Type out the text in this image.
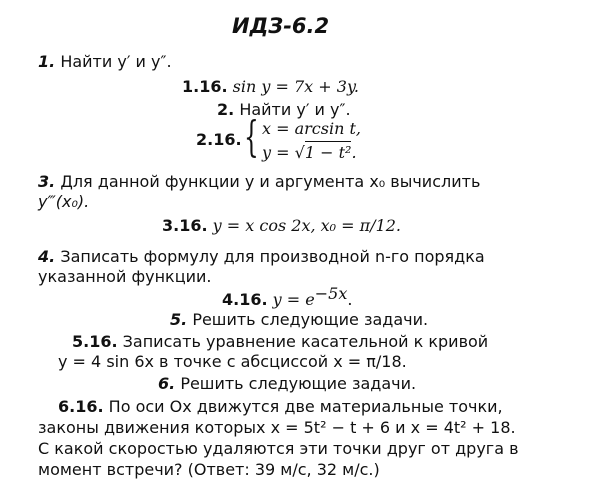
ИДЗ-6.2
1. Найти y′ и y″.
1.16. sin y = 7x + 3y.
2. Найти y′ и y″.
2.16. { x = arcsin t,
y = √1 − t².
3. Для данной функции y и аргумента x₀ вычислить
y‴(x₀).
3.16. y = x cos 2x, x₀ = π/12.
4. Записать формулу для производной n-го порядка
указанной функции.
4.16. $y = e^{-5x}$.
5. Решить следующие задачи.
5.16. Записать уравнение касательной к кривой
y = 4 sin 6x в точке с абсциссой x = π/18.
6. Решить следующие задачи.
6.16. По оси Ox движутся две материальные точки,
законы движения которых x = 5t² − t + 6 и x = 4t² + 18.
С какой скоростью удаляются эти точки друг от друга в
момент встречи? (Ответ: 39 м/с, 32 м/с.)
